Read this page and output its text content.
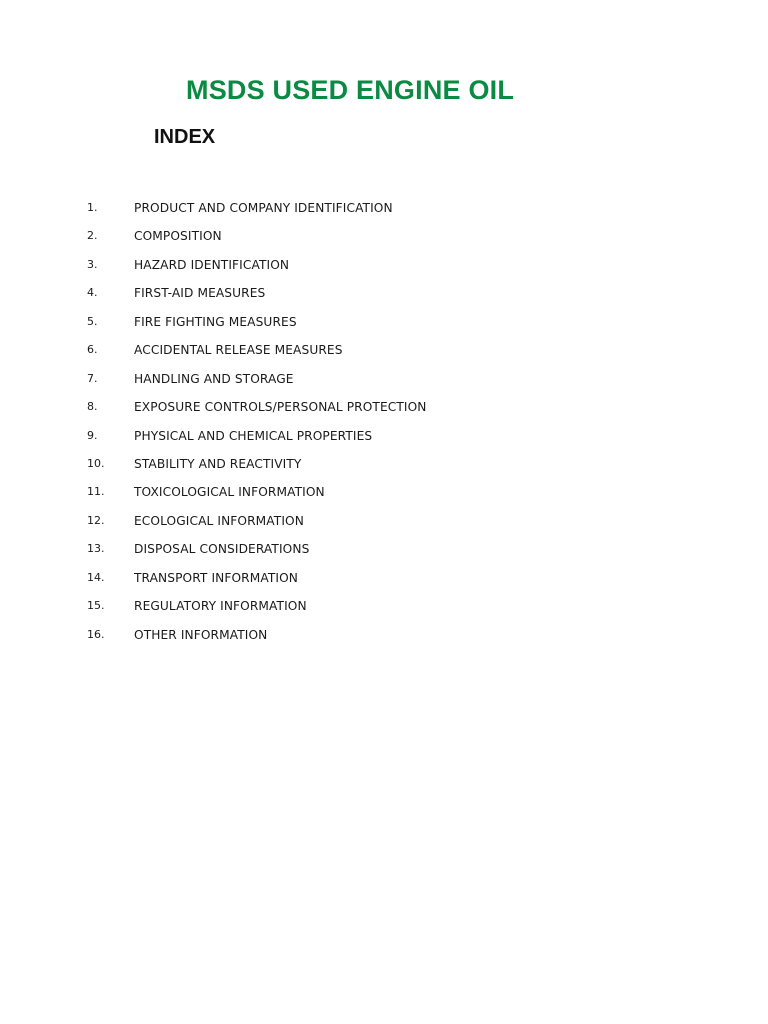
MSDS USED ENGINE OIL
INDEX
1.	PRODUCT AND COMPANY IDENTIFICATION
2.	COMPOSITION
3.	HAZARD IDENTIFICATION
4.	FIRST-AID MEASURES
5.	FIRE FIGHTING MEASURES
6.	ACCIDENTAL RELEASE MEASURES
7.	HANDLING AND STORAGE
8.	EXPOSURE CONTROLS/PERSONAL PROTECTION
9.	PHYSICAL AND CHEMICAL PROPERTIES
10. STABILITY AND REACTIVITY
11. TOXICOLOGICAL INFORMATION
12. ECOLOGICAL INFORMATION
13. DISPOSAL CONSIDERATIONS
14. TRANSPORT INFORMATION
15. REGULATORY INFORMATION
16. OTHER INFORMATION
